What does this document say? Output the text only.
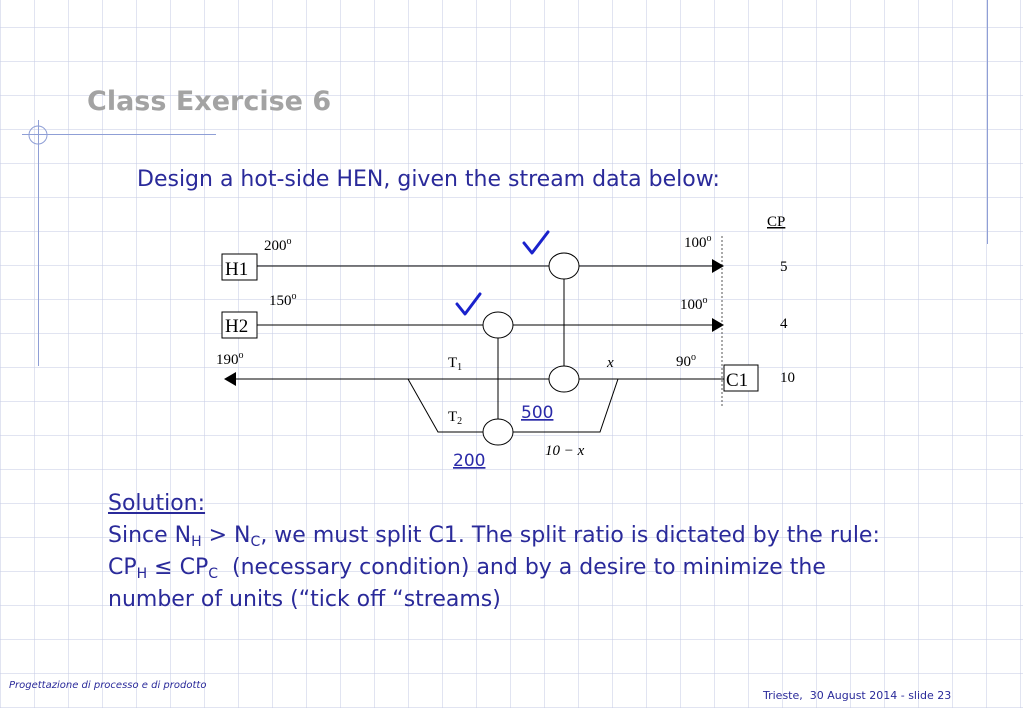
Class Exercise 6
Design a hot-side HEN, given the stream data below:
CP
H1
200$^o$	100$^o$
5
H2
150$^o$
100$^o$
4
C1
90$^o$
190$^o$
10
$T_1$
$T_2$
x
10 − x
500
200
Solution:
Since $N_H > N_C$, we must split C1. The split ratio is dictated by the rule:
$CP_H \le CP_C$  (necessary condition) and by a desire to minimize the
number of units (“tick off “streams)
Progettazione di processo e di prodotto
Trieste,  30 August 2014 - slide 23
